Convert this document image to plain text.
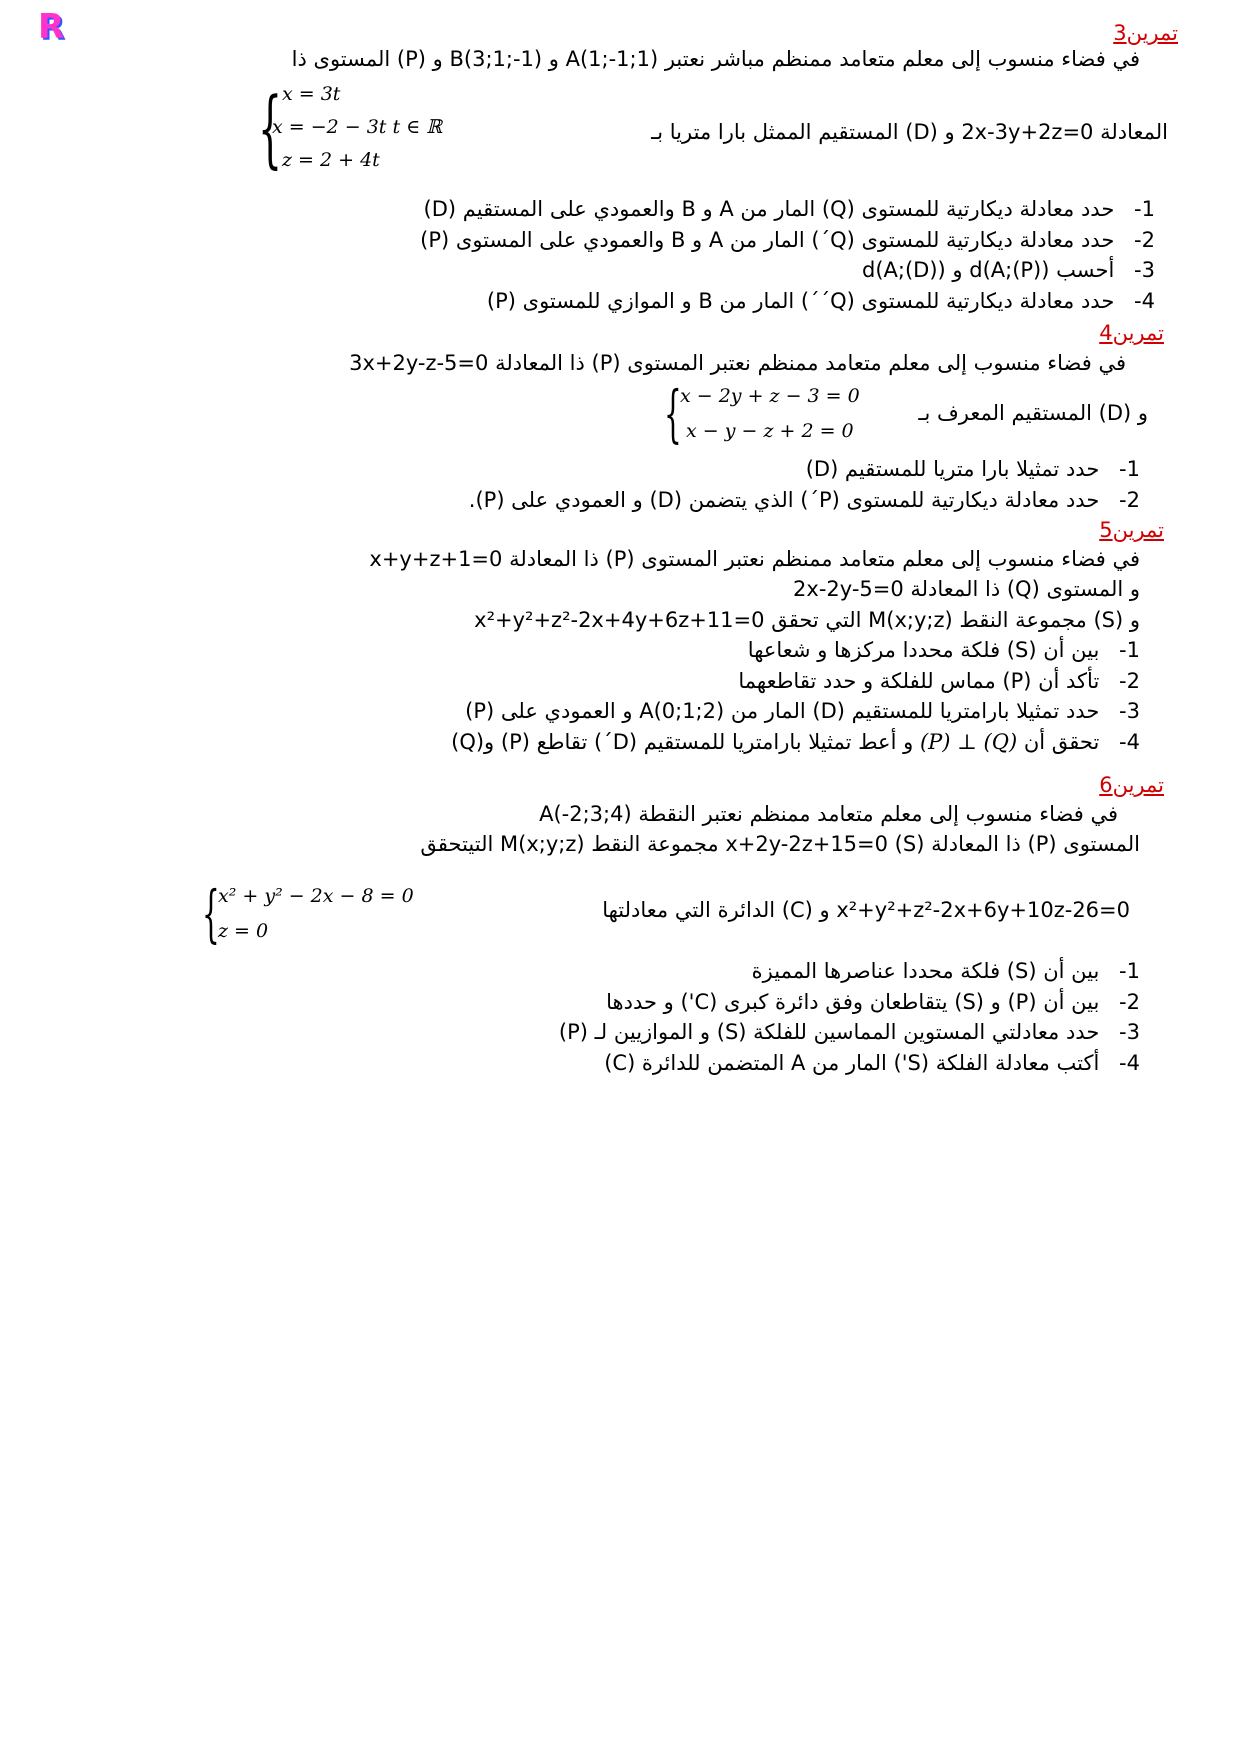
R	تمرين3
في فضاء منسوب إلى معلم متعامد ممنظم مباشر نعتبر A(1;-1;1) و B(3;1;-1) و (P) المستوى ذا
{ x = 3t
x = −2 − 3t t ∈ ℝ
z = 2 + 4t
المعادلة 2x-3y+2z=0 و (D) المستقيم الممثل بارا متريا بـ
1- حدد معادلة ديكارتية للمستوى (Q) المار من A و B والعمودي على المستقيم (D)
2- حدد معادلة ديكارتية للمستوى (Q´) المار من A و B والعمودي على المستوى (P)
3- أحسب d(A;(P)) و d(A;(D))
4- حدد معادلة ديكارتية للمستوى (Q´´) المار من B و الموازي للمستوى (P)
تمرين4
في فضاء منسوب إلى معلم متعامد ممنظم نعتبر المستوى (P) ذا المعادلة 3x+2y-z-5=0
{
x − 2y + z − 3 = 0
x − y − z + 2 = 0
و (D) المستقيم المعرف بـ
1- حدد تمثيلا بارا متريا للمستقيم (D)
2- حدد معادلة ديكارتية للمستوى (P´) الذي يتضمن (D) و العمودي على (P).
تمرين5
في فضاء منسوب إلى معلم متعامد ممنظم نعتبر المستوى (P) ذا المعادلة x+y+z+1=0
و المستوى (Q) ذا المعادلة 2x-2y-5=0
و (S) مجموعة النقط M(x;y;z) التي تحقق x²+y²+z²-2x+4y+6z+11=0
1- بين أن (S) فلكة محددا مركزها و شعاعها
2- تأكد أن (P) مماس للفلكة و حدد تقاطعهما
3- حدد تمثيلا بارامتريا للمستقيم (D) المار من A(0;1;2) و العمودي على (P)
4- تحقق أن (P) ⊥ (Q) و أعط تمثيلا بارامتريا للمستقيم (D´) تقاطع (P) و(Q)
تمرين6
في فضاء منسوب إلى معلم متعامد ممنظم نعتبر النقطة A(-2;3;4)
المستوى (P) ذا المعادلة x+2y-2z+15=0 (S) مجموعة النقط M(x;y;z) التيتحقق
{
x² + y² − 2x − 8 = 0
z = 0
x²+y²+z²-2x+6y+10z-26=0 و (C) الدائرة التي معادلتها
1- بين أن (S) فلكة محددا عناصرها المميزة
2- بين أن (P) و (S) يتقاطعان وفق دائرة كبرى (C') و حددها
3- حدد معادلتي المستوين المماسين للفلكة (S) و الموازيين لـ (P)
4- أكتب معادلة الفلكة (S') المار من A المتضمن للدائرة (C)
